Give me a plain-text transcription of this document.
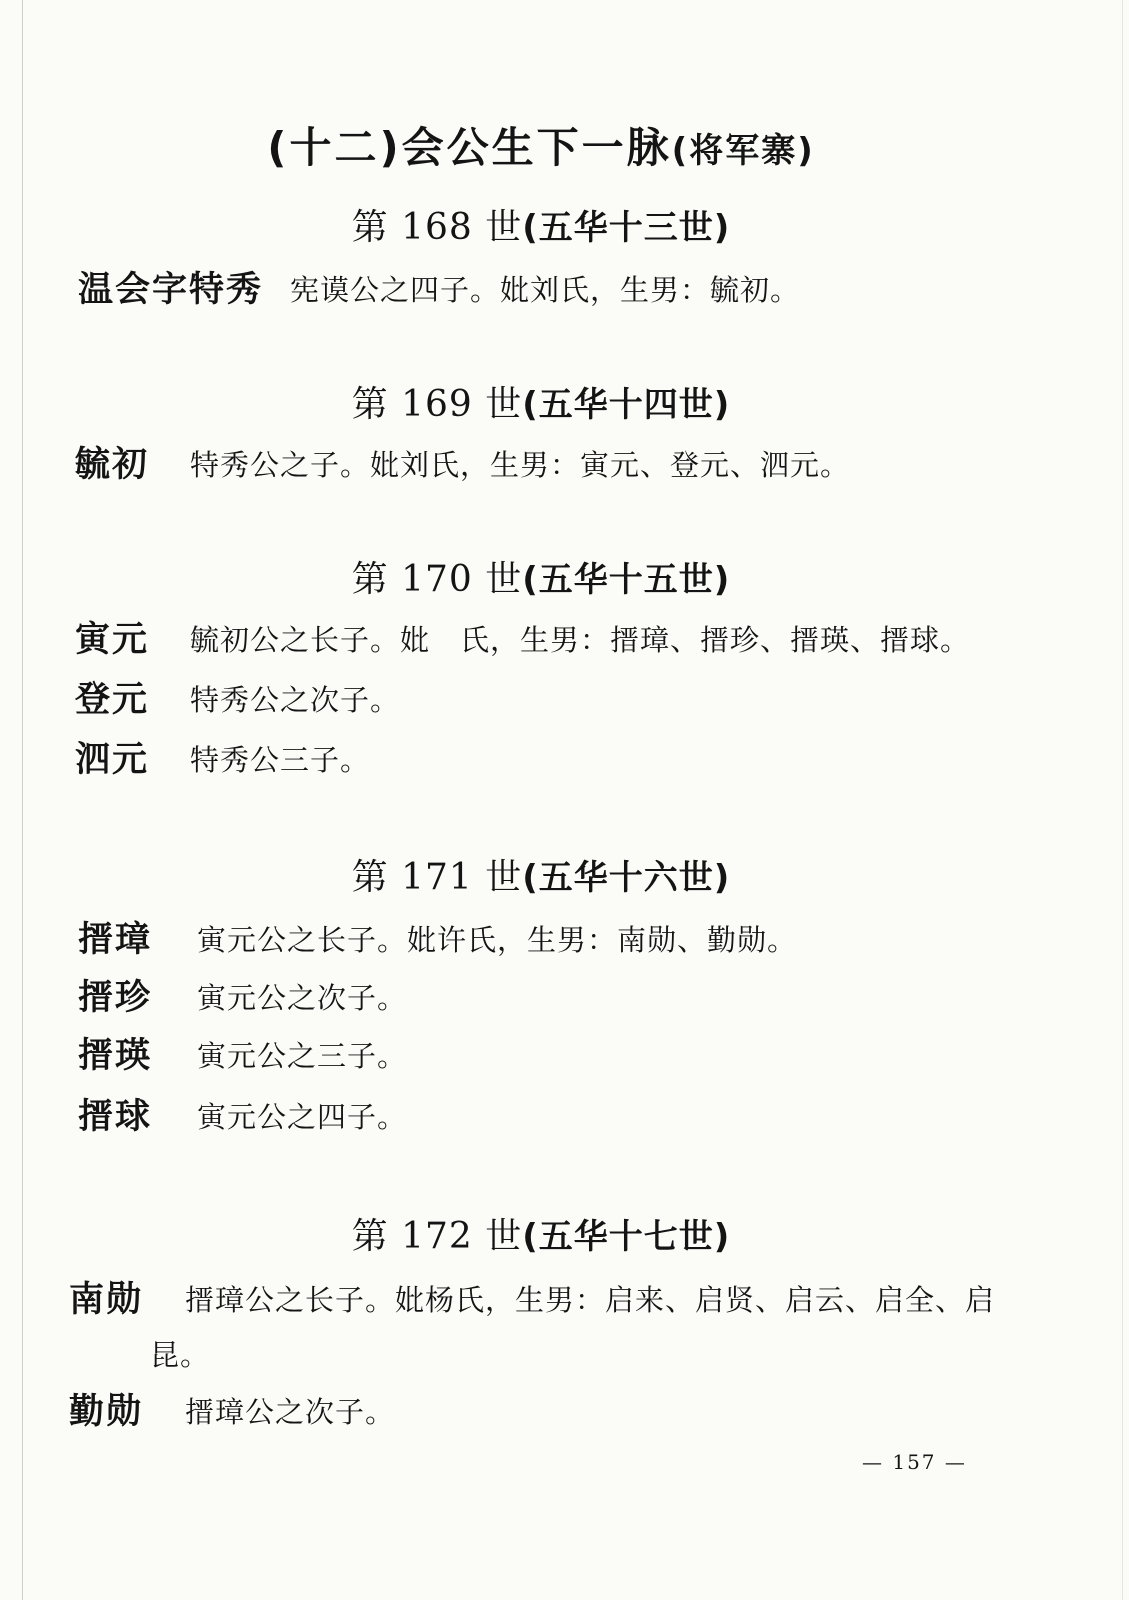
(十二)会公生下一脉(将军寨)
第 168 世(五华十三世)
温会字特秀 宪谟公之四子。妣刘氏，生男：毓初。
第 169 世(五华十四世)
毓初 特秀公之子。妣刘氏，生男：寅元、登元、泗元。
第 170 世(五华十五世)
寅元 毓初公之长子。妣　氏，生男：搢璋、搢珍、搢瑛、搢球。
登元 特秀公之次子。
泗元 特秀公三子。
第 171 世(五华十六世)
搢璋 寅元公之长子。妣许氏，生男：南勋、勤勋。
搢珍 寅元公之次子。
搢瑛 寅元公之三子。
搢球 寅元公之四子。
第 172 世(五华十七世)
南勋 搢璋公之长子。妣杨氏，生男：启来、启贤、启云、启全、启
昆。
勤勋 搢璋公之次子。
— 157 —
